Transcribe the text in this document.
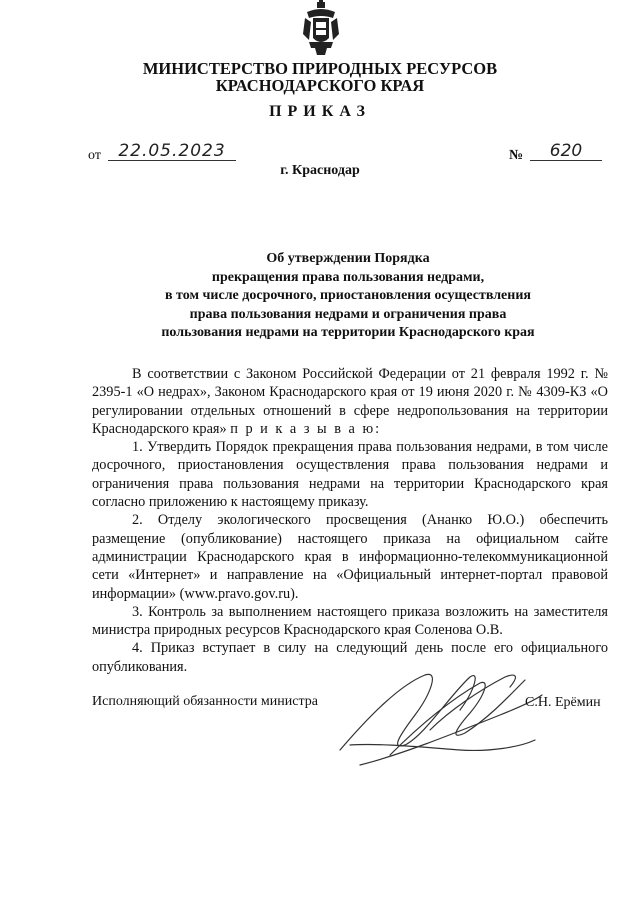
МИНИСТЕРСТВО ПРИРОДНЫХ РЕСУРСОВ
КРАСНОДАРСКОГО КРАЯ
ПРИКАЗ
от	22.05.2023	№	620
г. Краснодар
Об утверждении Порядка
прекращения права пользования недрами,
в том числе досрочного, приостановления осуществления
права пользования недрами и ограничения права
пользования недрами на территории Краснодарского края

В соответствии с Законом Российской Федерации от 21 февраля 1992 г. № 2395-1 «О недрах», Законом Краснодарского края от 19 июня 2020 г. № 4309-КЗ «О регулировании отдельных отношений в сфере недропользования на территории Краснодарского края» п р и к а з ы в а ю:

1. Утвердить Порядок прекращения права пользования недрами, в том числе досрочного, приостановления осуществления права пользования недрами и ограничения права пользования недрами на территории Краснодарского края согласно приложению к настоящему приказу.

2. Отделу экологического просвещения (Ананко Ю.О.) обеспечить размещение (опубликование) настоящего приказа на официальном сайте администрации Краснодарского края в информационно-телекоммуникационной сети «Интернет» и направление на «Официальный интернет-портал правовой информации» (www.pravo.gov.ru).

3. Контроль за выполнением настоящего приказа возложить на заместителя министра природных ресурсов Краснодарского края Соленова О.В.

4. Приказ вступает в силу на следующий день после его официального опубликования.

Исполняющий обязанности министра	С.Н. Ерёмин
